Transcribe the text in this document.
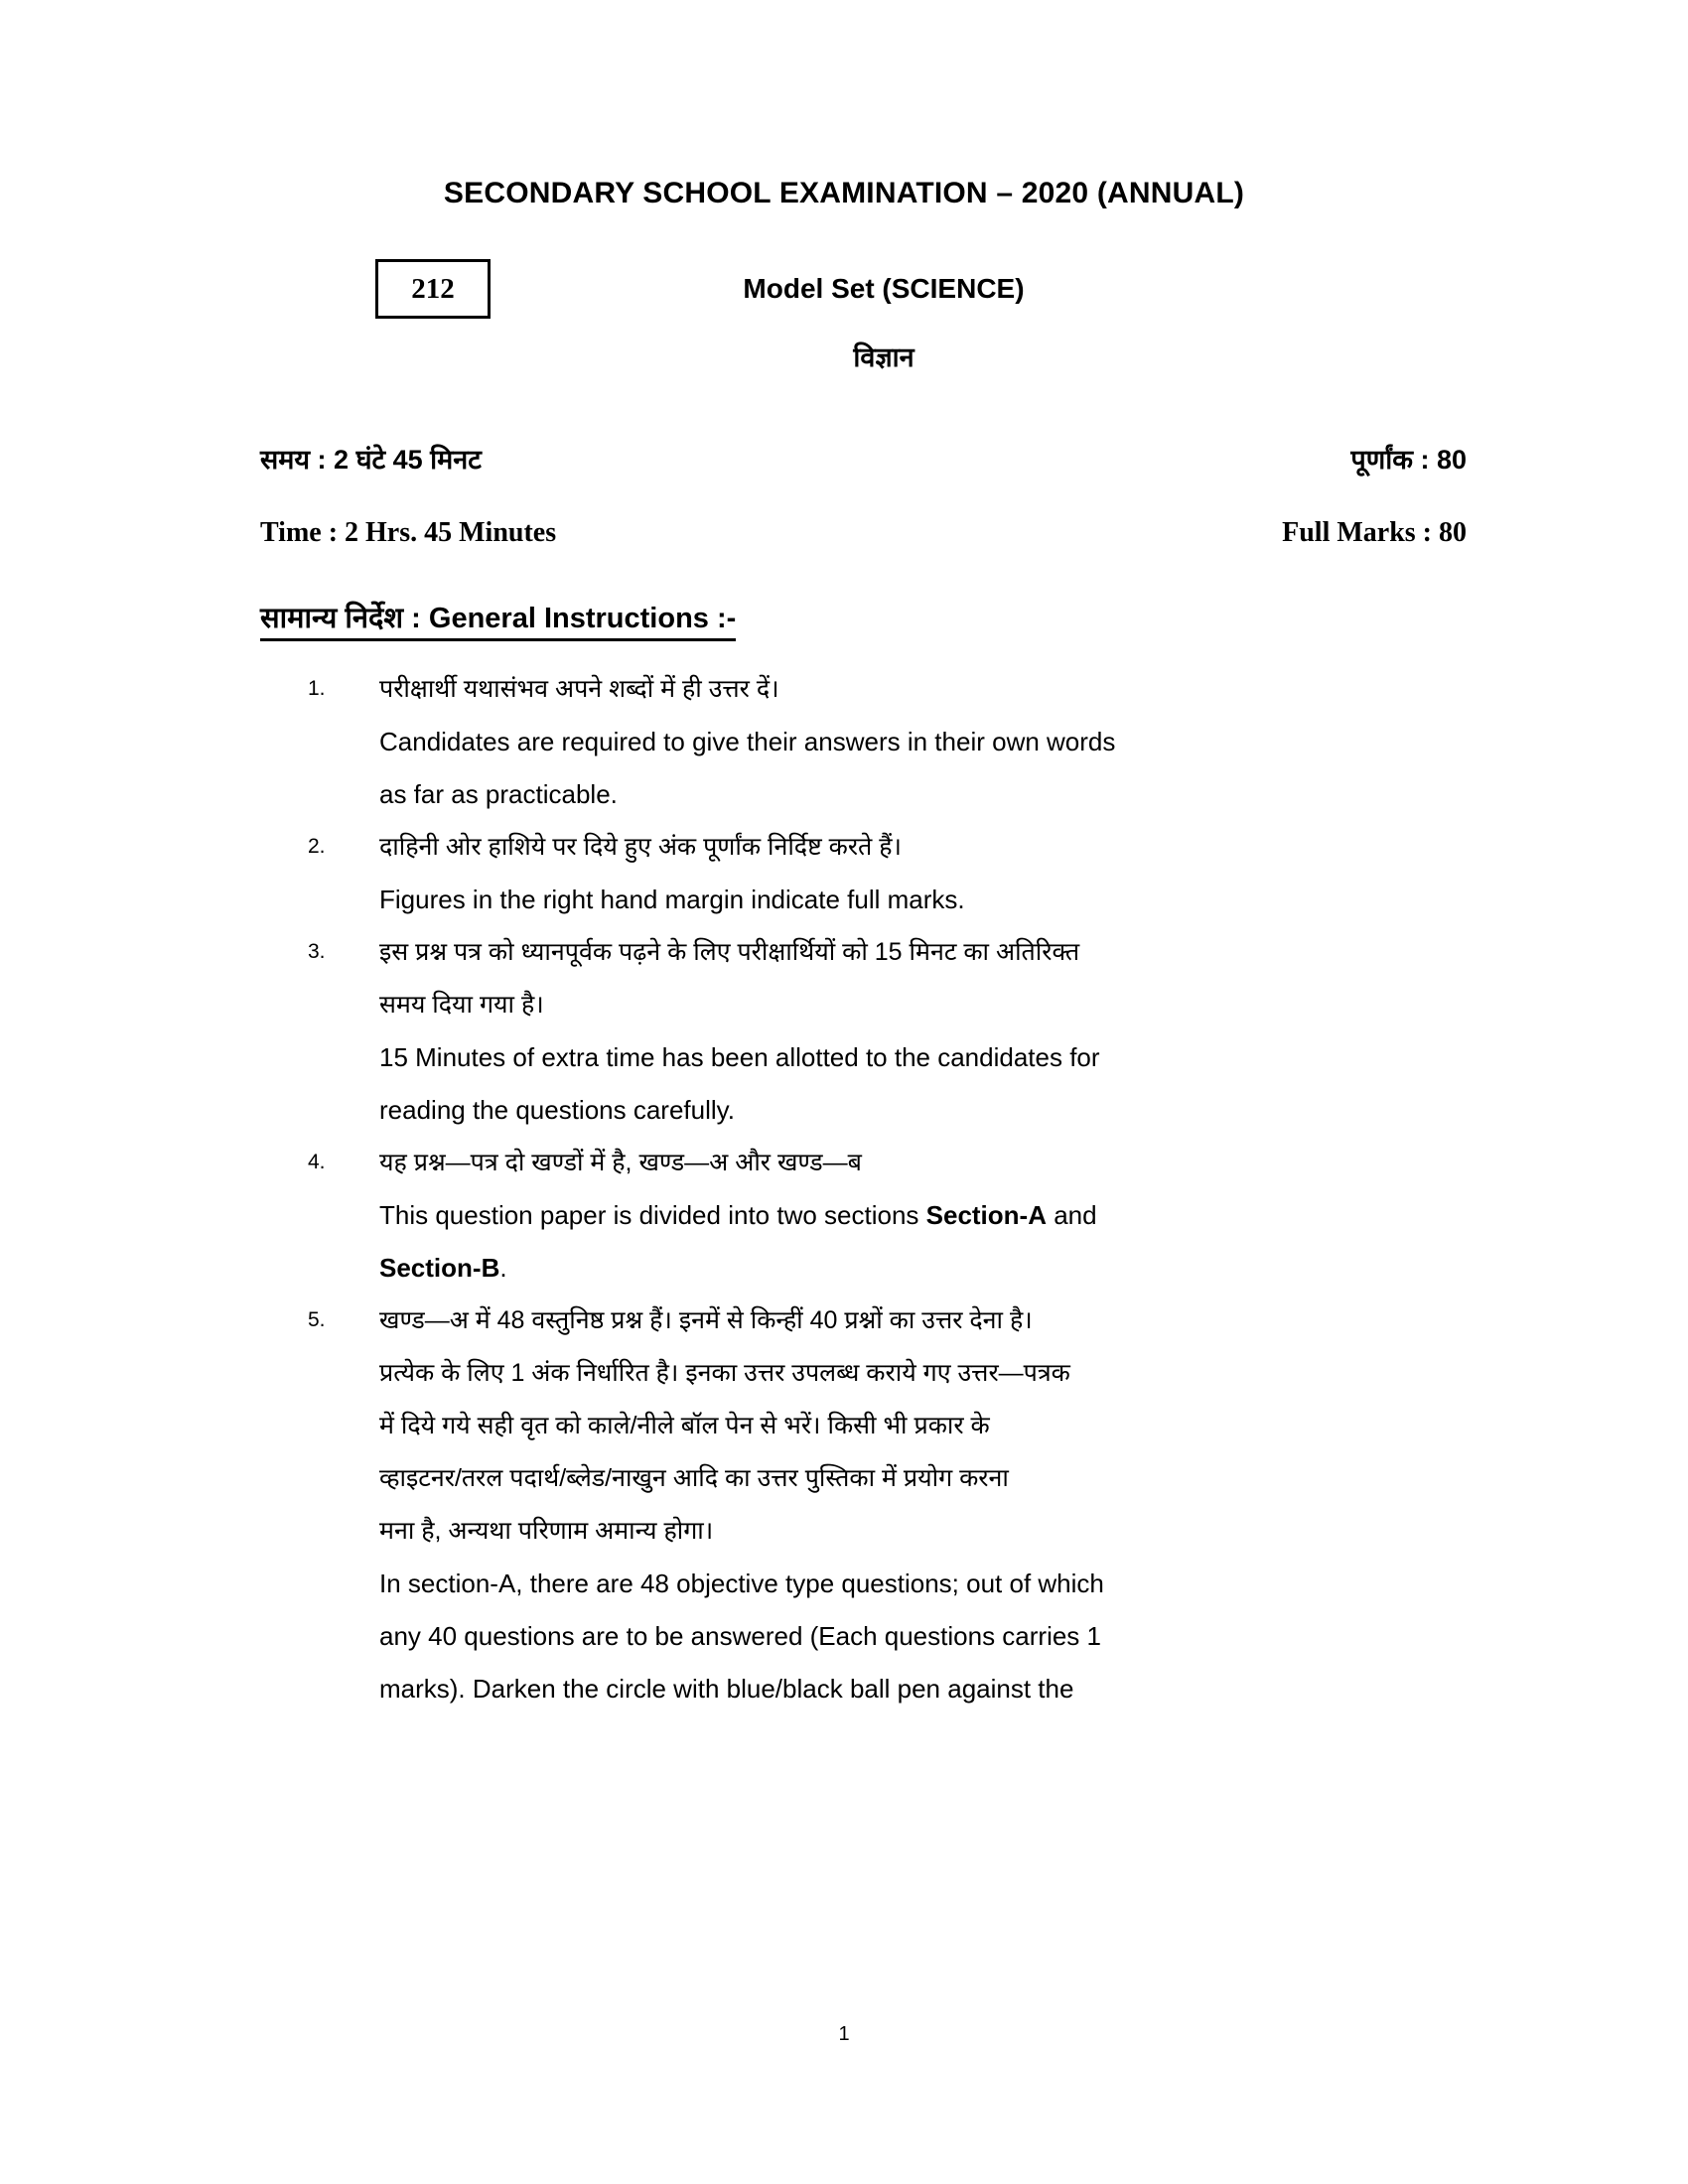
SECONDARY SCHOOL EXAMINATION – 2020 (ANNUAL)
212	Model Set (SCIENCE)
विज्ञान
समय : 2 घंटे 45 मिनट	पूर्णांक : 80
Time : 2 Hrs. 45 Minutes	Full Marks : 80
सामान्य निर्देश : General Instructions :-
1.	परीक्षार्थी यथासंभव अपने शब्दों में ही उत्तर दें।
Candidates are required to give their answers in their own words
as far as practicable.
2.	दाहिनी ओर हाशिये पर दिये हुए अंक पूर्णांक निर्दिष्ट करते हैं।
Figures in the right hand margin indicate full marks.
3.	इस प्रश्न पत्र को ध्यानपूर्वक पढ़ने के लिए परीक्षार्थियों को 15 मिनट का अतिरिक्त
समय दिया गया है।
15 Minutes of extra time has been allotted to the candidates for
reading the questions carefully.
4.	यह प्रश्न—पत्र दो खण्डों में है, खण्ड—अ और खण्ड—ब
This question paper is divided into two sections Section-A and
Section-B.
5.	खण्ड—अ में 48 वस्तुनिष्ठ प्रश्न हैं। इनमें से किन्हीं 40 प्रश्नों का उत्तर देना है।
प्रत्येक के लिए 1 अंक निर्धारित है। इनका उत्तर उपलब्ध कराये गए उत्तर—पत्रक
में दिये गये सही वृत को काले/नीले बॉल पेन से भरें। किसी भी प्रकार के
व्हाइटनर/तरल पदार्थ/ब्लेड/नाखुन आदि का उत्तर पुस्तिका में प्रयोग करना
मना है, अन्यथा परिणाम अमान्य होगा।
In section-A, there are 48 objective type questions; out of which
any 40 questions are to be answered (Each questions carries 1
marks). Darken the circle with blue/black ball pen against the
1
